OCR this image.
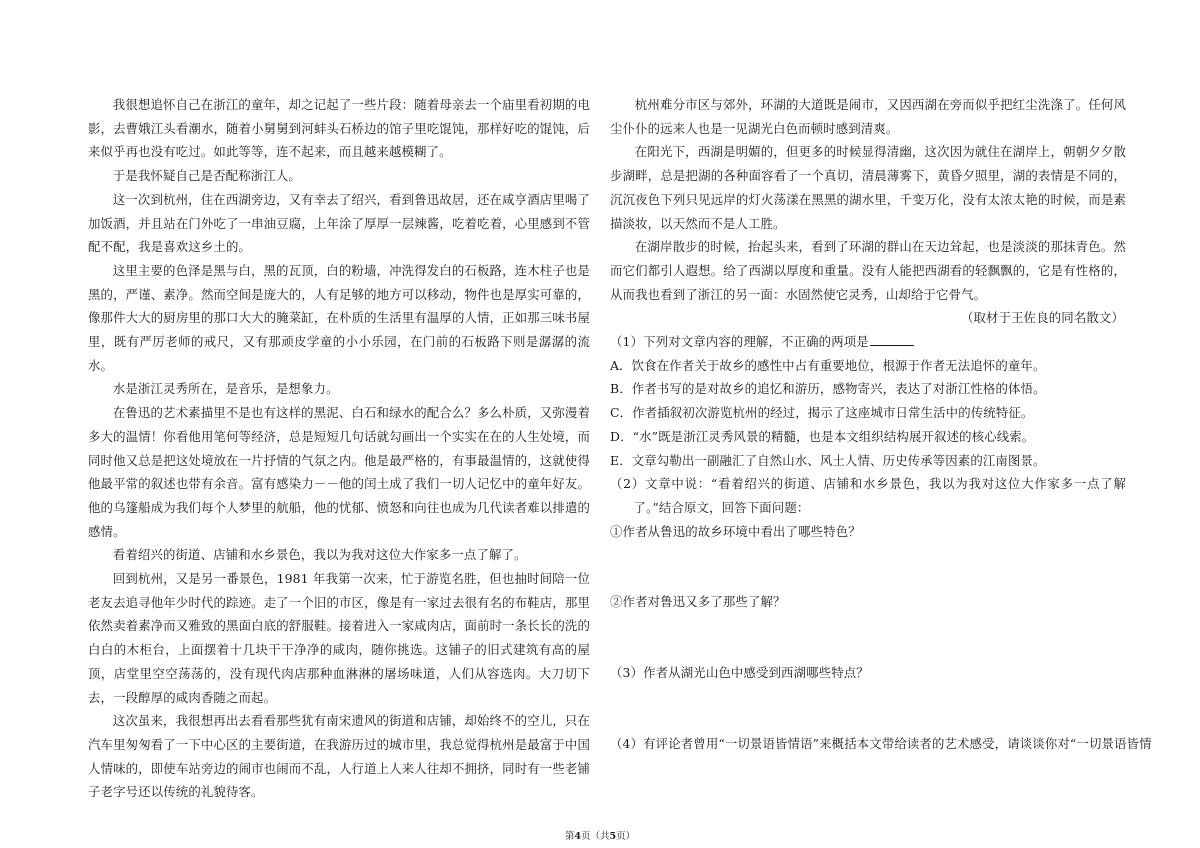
我很想追怀自己在浙江的童年，却之记起了一些片段：随着母亲去一个庙里看初期的电影，去曹娥江头看潮水，随着小舅舅到河蚌头石桥边的馆子里吃馄饨，那样好吃的馄饨，后来似乎再也没有吃过。如此等等，连不起来，而且越来越模糊了。

于是我怀疑自己是否配称浙江人。

这一次到杭州，住在西湖旁边，又有幸去了绍兴，看到鲁迅故居，还在咸亨酒店里喝了加饭酒，并且站在门外吃了一串油豆腐，上年涂了厚厚一层辣酱，吃着吃着，心里感到不管配不配，我是喜欢这乡土的。

这里主要的色泽是黑与白，黑的瓦顶，白的粉墙，冲洗得发白的石板路，连木柱子也是黑的，严谨、素净。然而空间是庞大的，人有足够的地方可以移动，物件也是厚实可靠的，像那件大大的厨房里的那口大大的腌菜缸，在朴质的生活里有温厚的人情，正如那三味书屋里，既有严厉老师的戒尺，又有那顽皮学童的小小乐园，在门前的石板路下则是潺潺的流水。

水是浙江灵秀所在，是音乐，是想象力。

在鲁迅的艺术素描里不是也有这样的黑泥、白石和绿水的配合么？多么朴质，又弥漫着多大的温情！你看他用笔何等经济，总是短短几句话就勾画出一个实实在在的人生处境，而同时他又总是把这处境放在一片抒情的气氛之内。他是最严格的，有事最温情的，这就使得他最平常的叙述也带有余音。富有感染力－－他的闰土成了我们一切人记忆中的童年好友。他的乌篷船成为我们每个人梦里的航船，他的忧郁、愤怒和向往也成为几代读者难以排遣的感情。

看着绍兴的街道、店铺和水乡景色，我以为我对这位大作家多一点了解了。

回到杭州，又是另一番景色，1981 年我第一次来，忙于游览名胜，但也抽时间陪一位老友去追寻他年少时代的踪迹。走了一个旧的市区，像是有一家过去很有名的布鞋店，那里依然卖着素净而又雅致的黑面白底的舒服鞋。接着进入一家咸肉店，面前时一条长长的洗的白白的木柜台，上面摆着十几块干干净净的咸肉，随你挑选。这铺子的旧式建筑有高的屋顶，店堂里空空荡荡的，没有现代肉店那种血淋淋的屠场味道，人们从容选肉。大刀切下去，一段醇厚的咸肉香随之而起。

这次虽来，我很想再出去看看那些犹有南宋遗风的街道和店铺，却始终不的空儿，只在汽车里匆匆看了一下中心区的主要街道，在我游历过的城市里，我总觉得杭州是最富于中国人情味的，即使车站旁边的闹市也闹而不乱，人行道上人来人往却不拥挤，同时有一些老铺子老字号还以传统的礼貌待客。

杭州难分市区与郊外，环湖的大道既是闹市，又因西湖在旁而似乎把红尘洗涤了。任何风尘仆仆的远来人也是一见湖光白色而顿时感到清爽。

在阳光下，西湖是明媚的，但更多的时候显得清幽，这次因为就住在湖岸上，朝朝夕夕散步湖畔，总是把湖的各种面容看了一个真切，清晨薄雾下，黄昏夕照里，湖的表情是不同的，沉沉夜色下列只见远岸的灯火荡漾在黑黑的湖水里，千变万化，没有太浓太艳的时候，而是素描淡妆，以天然而不是人工胜。

在湖岸散步的时候，抬起头来，看到了环湖的群山在天边耸起，也是淡淡的那抹青色。然而它们都引人遐想。给了西湖以厚度和重量。没有人能把西湖看的轻飘飘的，它是有性格的，从而我也看到了浙江的另一面：水固然使它灵秀，山却给于它骨气。

（取材于王佐良的同名散文）

（1）下列对文章内容的理解，不正确的两项是

A．饮食在作者关于故乡的感性中占有重要地位，根源于作者无法追怀的童年。

B．作者书写的是对故乡的追忆和游历，感物寄兴，表达了对浙江性格的体悟。

C．作者插叙初次游览杭州的经过，揭示了这座城市日常生活中的传统特征。

D．“水”既是浙江灵秀风景的精髓，也是本文组织结构展开叙述的核心线索。

E．文章勾勒出一副融汇了自然山水、风土人情、历史传承等因素的江南图景。

（2）文章中说：“看着绍兴的街道、店铺和水乡景色，我以为我对这位大作家多一点了解了。”结合原文，回答下面问题：

①作者从鲁迅的故乡环境中看出了哪些特色？

②作者对鲁迅又多了那些了解？

（3）作者从湖光山色中感受到西湖哪些特点？

（4）有评论者曾用“一切景语皆情语”来概括本文带给读者的艺术感受，请谈谈你对“一切景语皆情

第4页（共5页）
